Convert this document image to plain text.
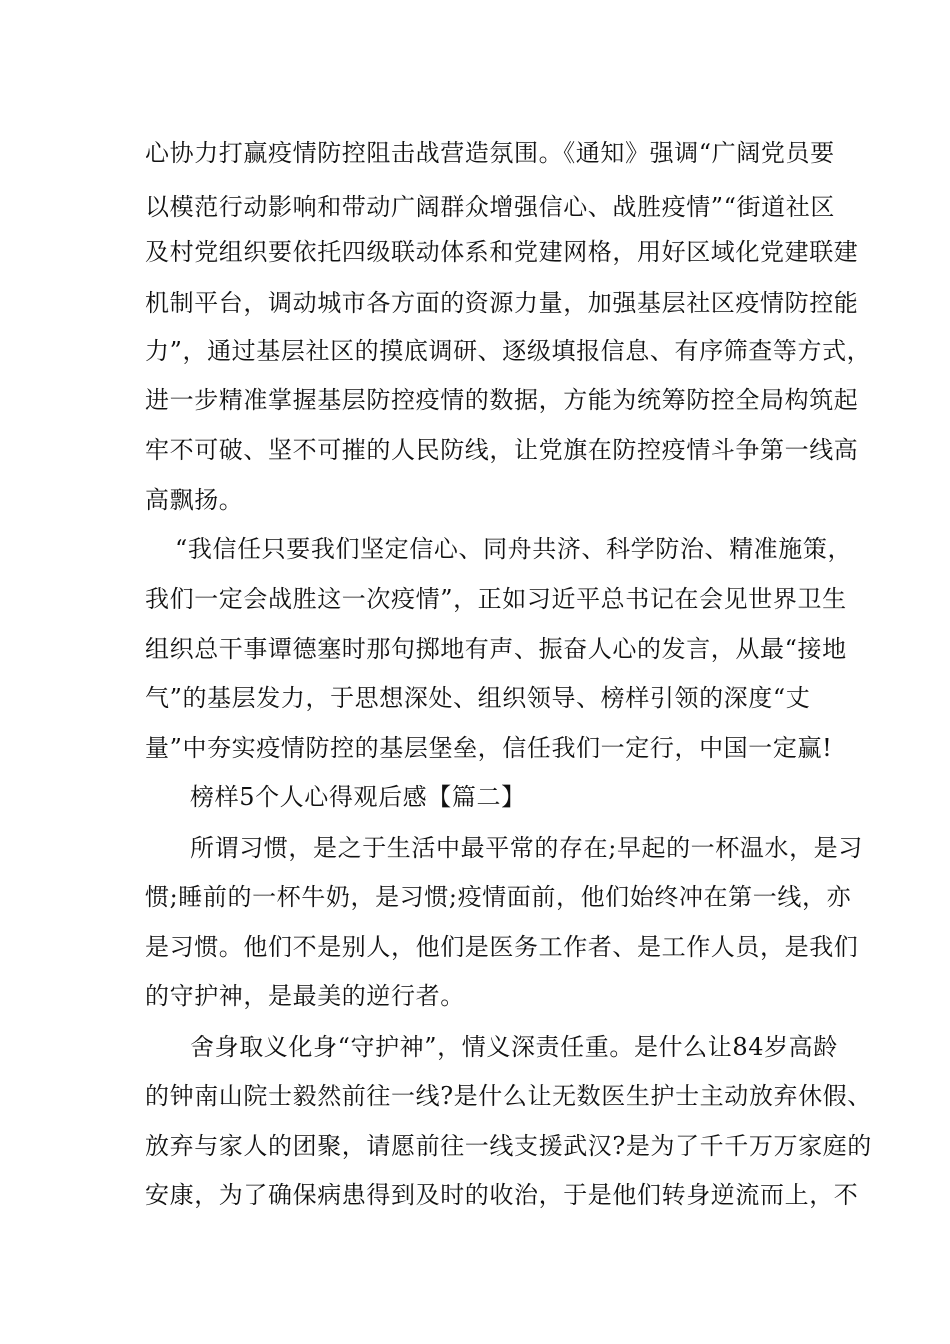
心协力打赢疫情防控阻击战营造氛围。《通知》强调“广阔党员要
以模范行动影响和带动广阔群众增强信心、战胜疫情”“街道社区
及村党组织要依托四级联动体系和党建网格，用好区域化党建联建
机制平台，调动城市各方面的资源力量，加强基层社区疫情防控能
力”，通过基层社区的摸底调研、逐级填报信息、有序筛查等方式，
进一步精准掌握基层防控疫情的数据，方能为统筹防控全局构筑起
牢不可破、坚不可摧的人民防线，让党旗在防控疫情斗争第一线高
高飘扬。
“我信任只要我们坚定信心、同舟共济、科学防治、精准施策，
我们一定会战胜这一次疫情”，正如习近平总书记在会见世界卫生
组织总干事谭德塞时那句掷地有声、振奋人心的发言，从最“接地
气”的基层发力，于思想深处、组织领导、榜样引领的深度“丈
量”中夯实疫情防控的基层堡垒，信任我们一定行，中国一定赢!
榜样5个人心得观后感【篇二】
所谓习惯，是之于生活中最平常的存在;早起的一杯温水，是习
惯;睡前的一杯牛奶，是习惯;疫情面前，他们始终冲在第一线，亦
是习惯。他们不是别人，他们是医务工作者、是工作人员，是我们
的守护神，是最美的逆行者。
舍身取义化身“守护神”，情义深责任重。是什么让84岁高龄
的钟南山院士毅然前往一线?是什么让无数医生护士主动放弃休假、
放弃与家人的团聚，请愿前往一线支援武汉?是为了千千万万家庭的
安康，为了确保病患得到及时的收治，于是他们转身逆流而上，不
